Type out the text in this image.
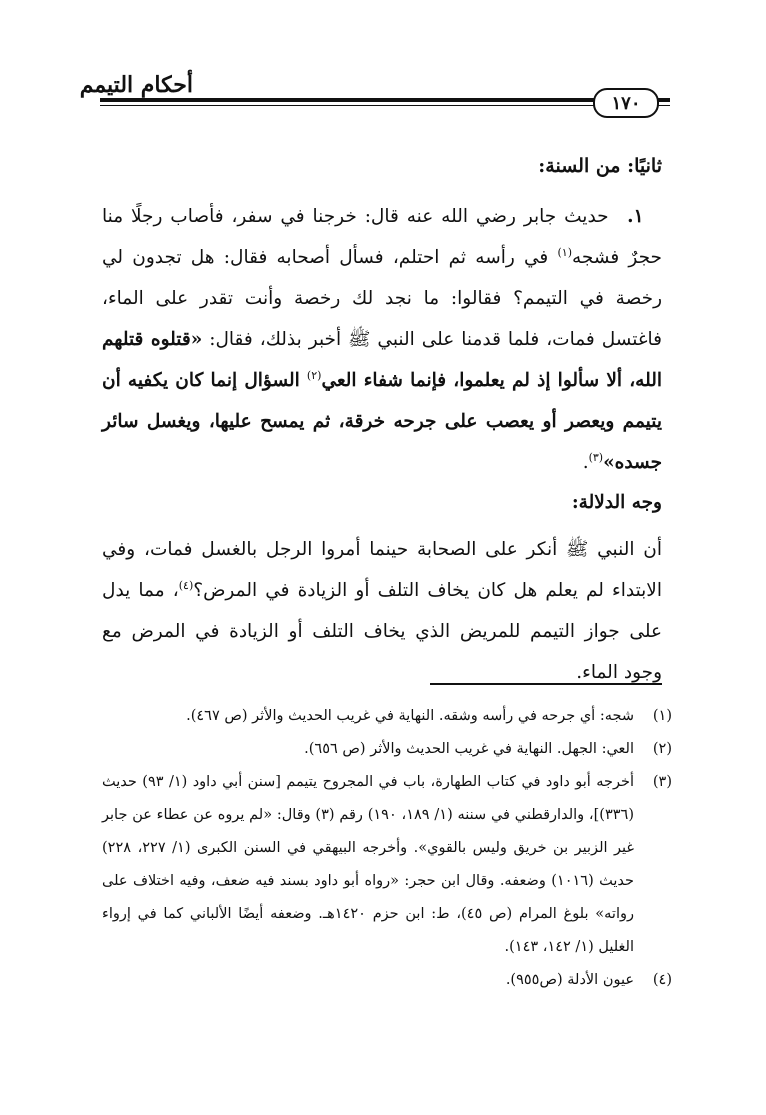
أحكام التيمم
١٧٠
ثانيًا: من السنة:

 ١. حديث جابر رضي الله عنه قال: خرجنا في سفر، فأصاب رجلًا منا حجرٌ فشجه$^{(١)}$ في رأسه ثم احتلم، فسأل أصحابه فقال: هل تجدون لي رخصة في التيمم؟ فقالوا: ما نجد لك رخصة وأنت تقدر على الماء، فاغتسل فمات، فلما قدمنا على النبي ﷺ أخبر بذلك، فقال: «قتلوه قتلهم الله، ألا سألوا إذ لم يعلموا، فإنما شفاء العي$^{(٢)}$ السؤال إنما كان يكفيه أن يتيمم ويعصر أو يعصب على جرحه خرقة، ثم يمسح عليها، ويغسل سائر جسده»$^{(٣)}$.

وجه الدلالة:

أن النبي ﷺ أنكر على الصحابة حينما أمروا الرجل بالغسل فمات، وفي الابتداء لم يعلم هل كان يخاف التلف أو الزيادة في المرض؟$^{(٤)}$، مما يدل على جواز التيمم للمريض الذي يخاف التلف أو الزيادة في المرض مع وجود الماء.

(١)
شجه: أي جرحه في رأسه وشقه. النهاية في غريب الحديث والأثر (ص ٤٦٧).
(٢)
العي: الجهل. النهاية في غريب الحديث والأثر (ص ٦٥٦).
(٣)
أخرجه أبو داود في كتاب الطهارة، باب في المجروح يتيمم [سنن أبي داود (١/ ٩٣) حديث (٣٣٦)]، والدارقطني في سننه (١/ ١٨٩، ١٩٠) رقم (٣) وقال: «لم يروه عن عطاء عن جابر غير الزبير بن خريق وليس بالقوي». وأخرجه البيهقي في السنن الكبرى (١/ ٢٢٧، ٢٢٨) حديث (١٠١٦) وضعفه. وقال ابن حجر: «رواه أبو داود بسند فيه ضعف، وفيه اختلاف على رواته» بلوغ المرام (ص ٤٥)، ط: ابن حزم ١٤٢٠هـ. وضعفه أيضًا الألباني كما في إرواء الغليل (١/ ١٤٢، ١٤٣).
(٤)
عيون الأدلة (ص٩٥٥).
